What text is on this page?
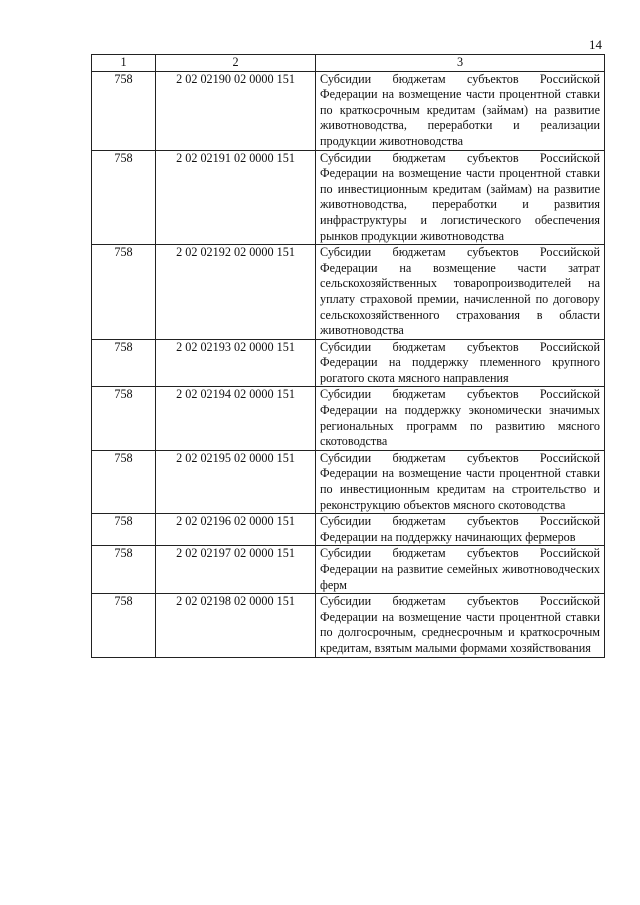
14
1	2	3
758	2 02 02190 02 0000 151	Субсидии бюджетам субъектов Российской Федерации на возмещение части процентной ставки по краткосрочным кредитам (займам) на развитие животноводства, переработки и реализации продукции животноводства
758	2 02 02191 02 0000 151	Субсидии бюджетам субъектов Российской Федерации на возмещение части процентной ставки по инвестиционным кредитам (займам) на развитие животноводства, переработки и развития инфраструктуры и логистического обеспечения рынков продукции животноводства
758	2 02 02192 02 0000 151	Субсидии бюджетам субъектов Российской Федерации на возмещение части затрат сельскохозяйственных товаропроизводителей на уплату страховой премии, начисленной по договору сельскохозяйственного страхования в области животноводства
758	2 02 02193 02 0000 151	Субсидии бюджетам субъектов Российской Федерации на поддержку племенного крупного рогатого скота мясного направления
758	2 02 02194 02 0000 151	Субсидии бюджетам субъектов Российской Федерации на поддержку экономически значимых региональных программ по развитию мясного скотоводства
758	2 02 02195 02 0000 151	Субсидии бюджетам субъектов Российской Федерации на возмещение части процентной ставки по инвестиционным кредитам на строительство и реконструкцию объектов мясного скотоводства
758	2 02 02196 02 0000 151	Субсидии бюджетам субъектов Российской Федерации на поддержку начинающих фермеров
758	2 02 02197 02 0000 151	Субсидии бюджетам субъектов Российской Федерации на развитие семейных животноводческих ферм
758	2 02 02198 02 0000 151	Субсидии бюджетам субъектов Российской Федерации на возмещение части процентной ставки по долгосрочным, среднесрочным и краткосрочным кредитам, взятым малыми формами хозяйствования
